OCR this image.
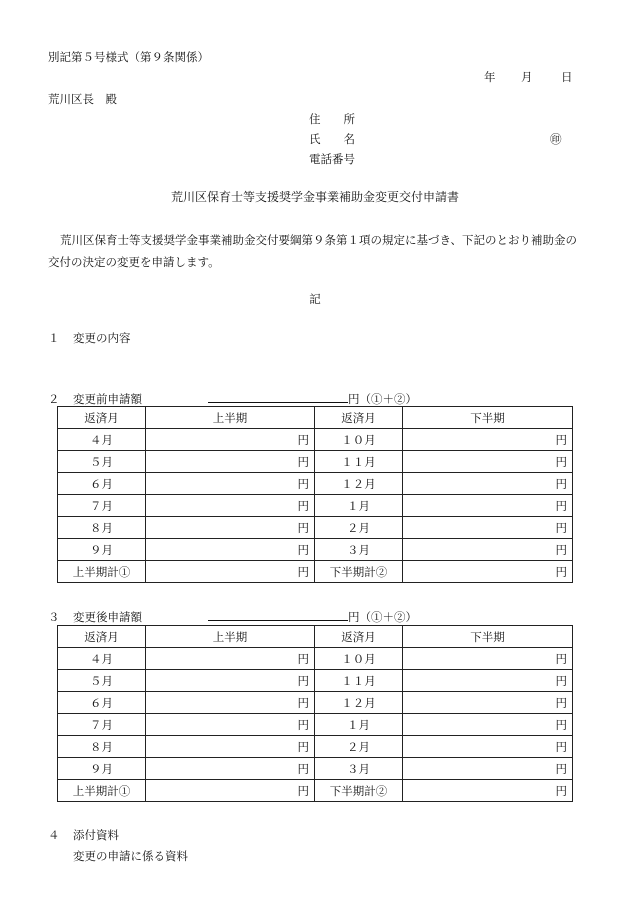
別記第５号様式（第９条関係）
年 月 日
荒川区長　殿
住　　所
氏　　名	㊞
電話番号
荒川区保育士等支援奨学金事業補助金変更交付申請書
荒川区保育士等支援奨学金事業補助金交付要綱第９条第１項の規定に基づき、下記のとおり補助金の交付の決定の変更を申請します。
記
１ 変更の内容
２ 変更前申請額	円（①＋②）
返済月	上半期	返済月	下半期
４月	円	１０月	円
５月	円	１１月	円
６月	円	１２月	円
７月	円	１月	円
８月	円	２月	円
９月	円	３月	円
上半期計①	円	下半期計②	円
３ 変更後申請額	円（①＋②）
返済月	上半期	返済月	下半期
４月	円	１０月	円
５月	円	１１月	円
６月	円	１２月	円
７月	円	１月	円
８月	円	２月	円
９月	円	３月	円
上半期計①	円	下半期計②	円
４ 添付資料
変更の申請に係る資料
